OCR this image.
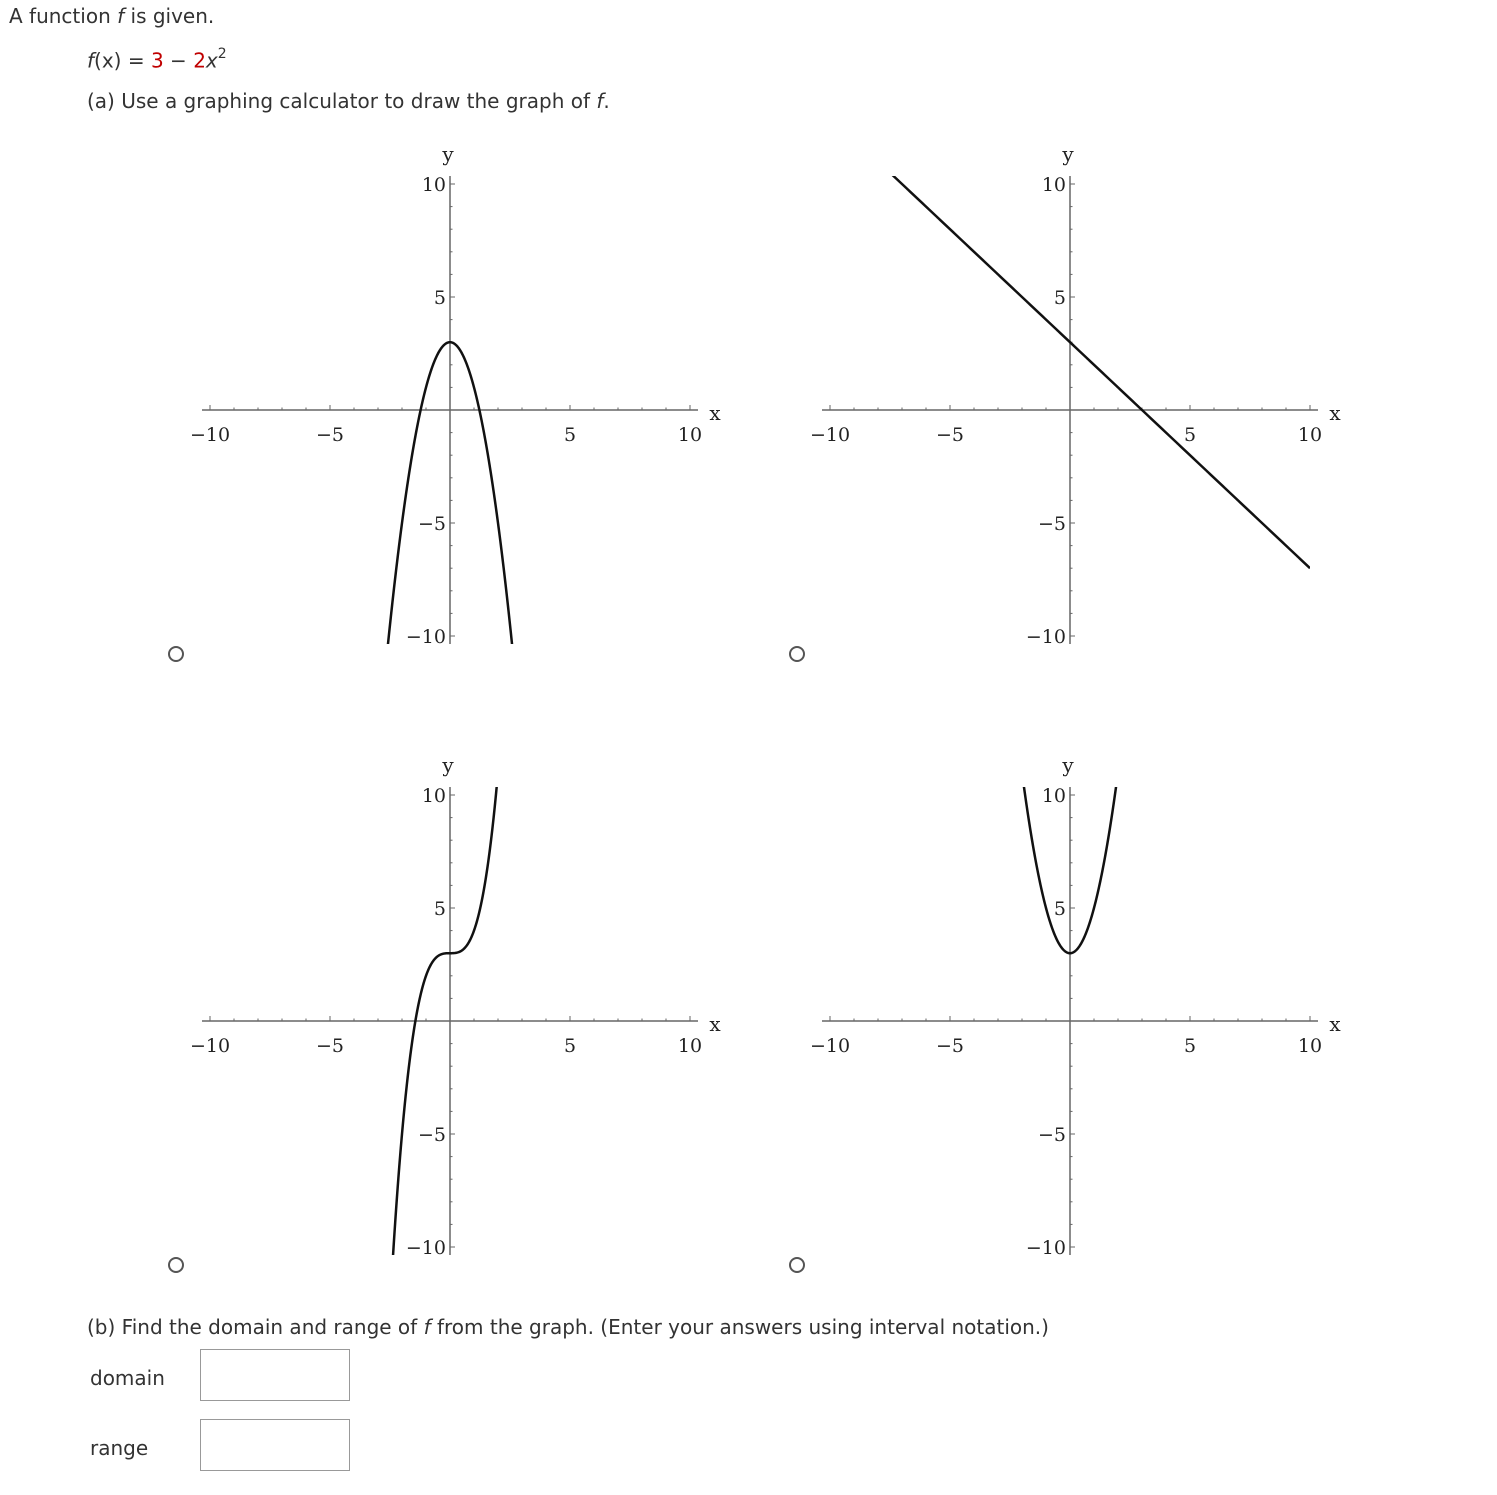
A function f is given.
$f(x) = 3 - 2x^2$
(a) Use a graphing calculator to draw the graph of f.
−10	−5	5	10
10
5
−5
−10
x
y
−10	−5	5	10
10
5
−5
−10
x
y
−10	−5	5	10
10
5
−5
−10
x
y
−10	−5	5	10
10
5
−5
−10
x
y
(b) Find the domain and range of f from the graph. (Enter your answers using interval notation.)
domain
range
